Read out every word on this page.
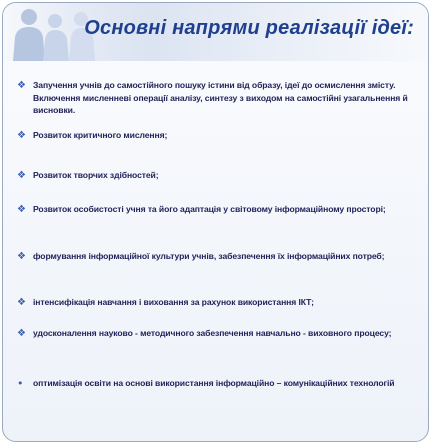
Основні напрями реалізації ідеї:
❖ Запучення учнів до самостійного пошуку істини від образу, ідеї до осмислення змісту. Включення мисленневі операції аналізу, синтезу з виходом на самостійні узагальнення й висновки.
❖ Розвиток критичного мислення;
❖ Розвиток творчих здібностей;
❖ Розвиток особистості учня та його адаптація у світовому інформаційному просторі;
❖ формування інформаційної культури учнів, забезпечення їх інформаційних потреб;
❖ інтенсифікація навчання і виховання за рахунок використання ІКТ;
❖ удосконалення науково - методичного забезпечення навчально - виховного процесу;
•	оптимізація освіти на основі використання інформаційно – комунікаційних технологій
